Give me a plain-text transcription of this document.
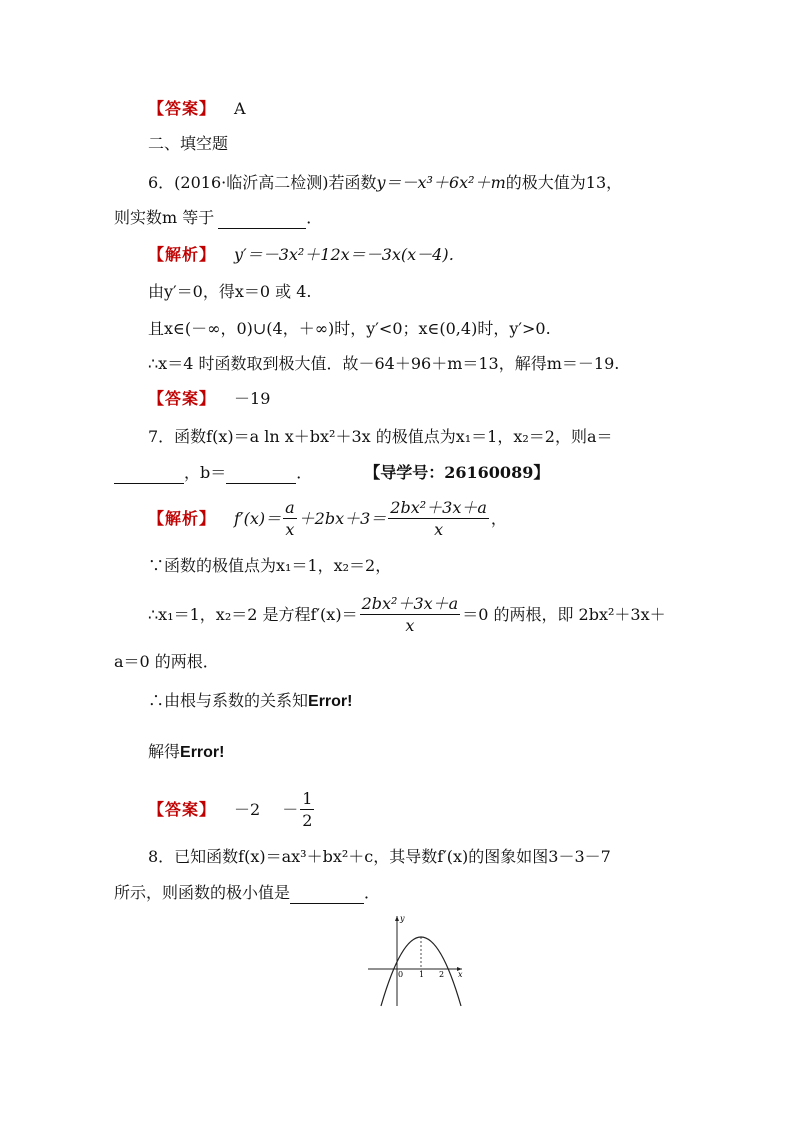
【答案】 A
二、填空题
6．(2016·临沂高二检测)若函数y＝－x³＋6x²＋m的极大值为13，
则实数m 等于	．
【解析】 y′＝－3x²＋12x＝－3x(x－4)．
由y′＝0，得x＝0 或 4.
且x∈(－∞，0)∪(4，＋∞)时，y′<0；x∈(0,4)时，y′>0.
∴x＝4 时函数取到极大值．故－64＋96＋m＝13，解得m＝－19.
【答案】 －19
7．函数f(x)＝a ln x＋bx²＋3x 的极值点为x₁＝1，x₂＝2，则a＝
，b＝	．	【导学号：26160089】
【解析】 $f'(x)= \frac{a}{x} +2bx+3= \frac{\text{2bx²＋3x＋a}}{x}$ ，
∵函数的极值点为x₁＝1，x₂＝2，
∴x₁＝1，x₂＝2 是方程$f'(x)= \frac{\text{2bx²＋3x＋a}}{x} =0$ 的两根，即 2bx²＋3x＋
a＝0 的两根．
∴由根与系数的关系知Error!
解得Error!
【答案】 $-2 - \frac{1}{2}$
8．已知函数f(x)＝ax³＋bx²＋c，其导数f′(x)的图象如图3－3－7
所示，则函数的极小值是	．
y
x
0 1 2
